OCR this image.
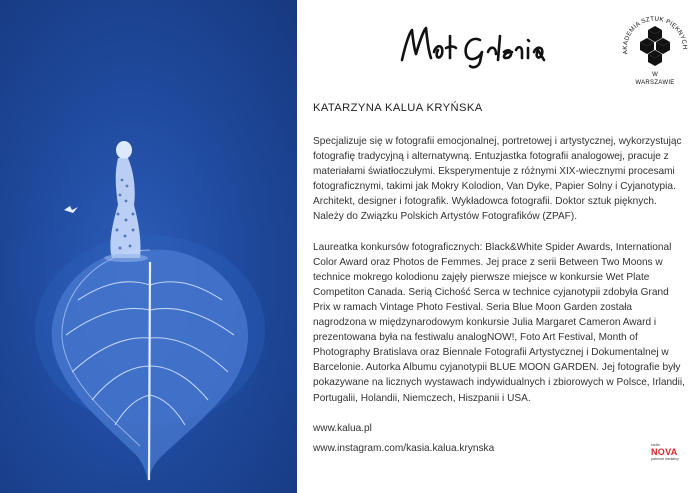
AKADEMIA SZTUK PIĘKNYCH
W
WARSZAWIE
KATARZYNA KALUA KRYŃSKA

Specjalizuje się w fotografii emocjonalnej, portretowej i artystycznej, wykorzystując fotografię tradycyjną i alternatywną. Entuzjastka fotografii analogowej, pracuje z materiałami światłoczułymi. Eksperymentuje z różnymi XIX-wiecznymi procesami fotograficznymi, takimi jak Mokry Kolodion, Van Dyke, Papier Solny i Cyjanotypia. Architekt, designer i fotografik. Wykładowca fotografii. Doktor sztuk pięknych. Należy do Związku Polskich Artystów Fotografików (ZPAF).

Laureatka konkursów fotograficznych: Black&White Spider Awards, International Color Award oraz Photos de Femmes. Jej prace z serii Between Two Moons w technice mokrego kolodionu zajęły pierwsze miejsce w konkursie Wet Plate Competiton Canada. Serią Cichość Serca w technice cyjanotypii zdobyła Grand Prix w ramach Vintage Photo Festival. Seria Blue Moon Garden została nagrodzona w międzynarodowym konkursie Julia Margaret Cameron Award i prezentowana była na festiwalu analogNOW!, Foto Art Festival, Month of Photography Bratislava oraz Biennale Fotografii Artystycznej i Dokumentalnej w Barcelonie. Autorka Albumu cyjanotypii BLUE MOON GARDEN. Jej fotografie były pokazywane na licznych wystawach indywidualnych i zbiorowych w Polsce, Irlandii, Portugalii, Holandii, Niemczech, Hiszpanii i USA.

www.kalua.pl
www.instagram.com/kasia.kalua.krynska	radio
NOVA
patronat medialny
